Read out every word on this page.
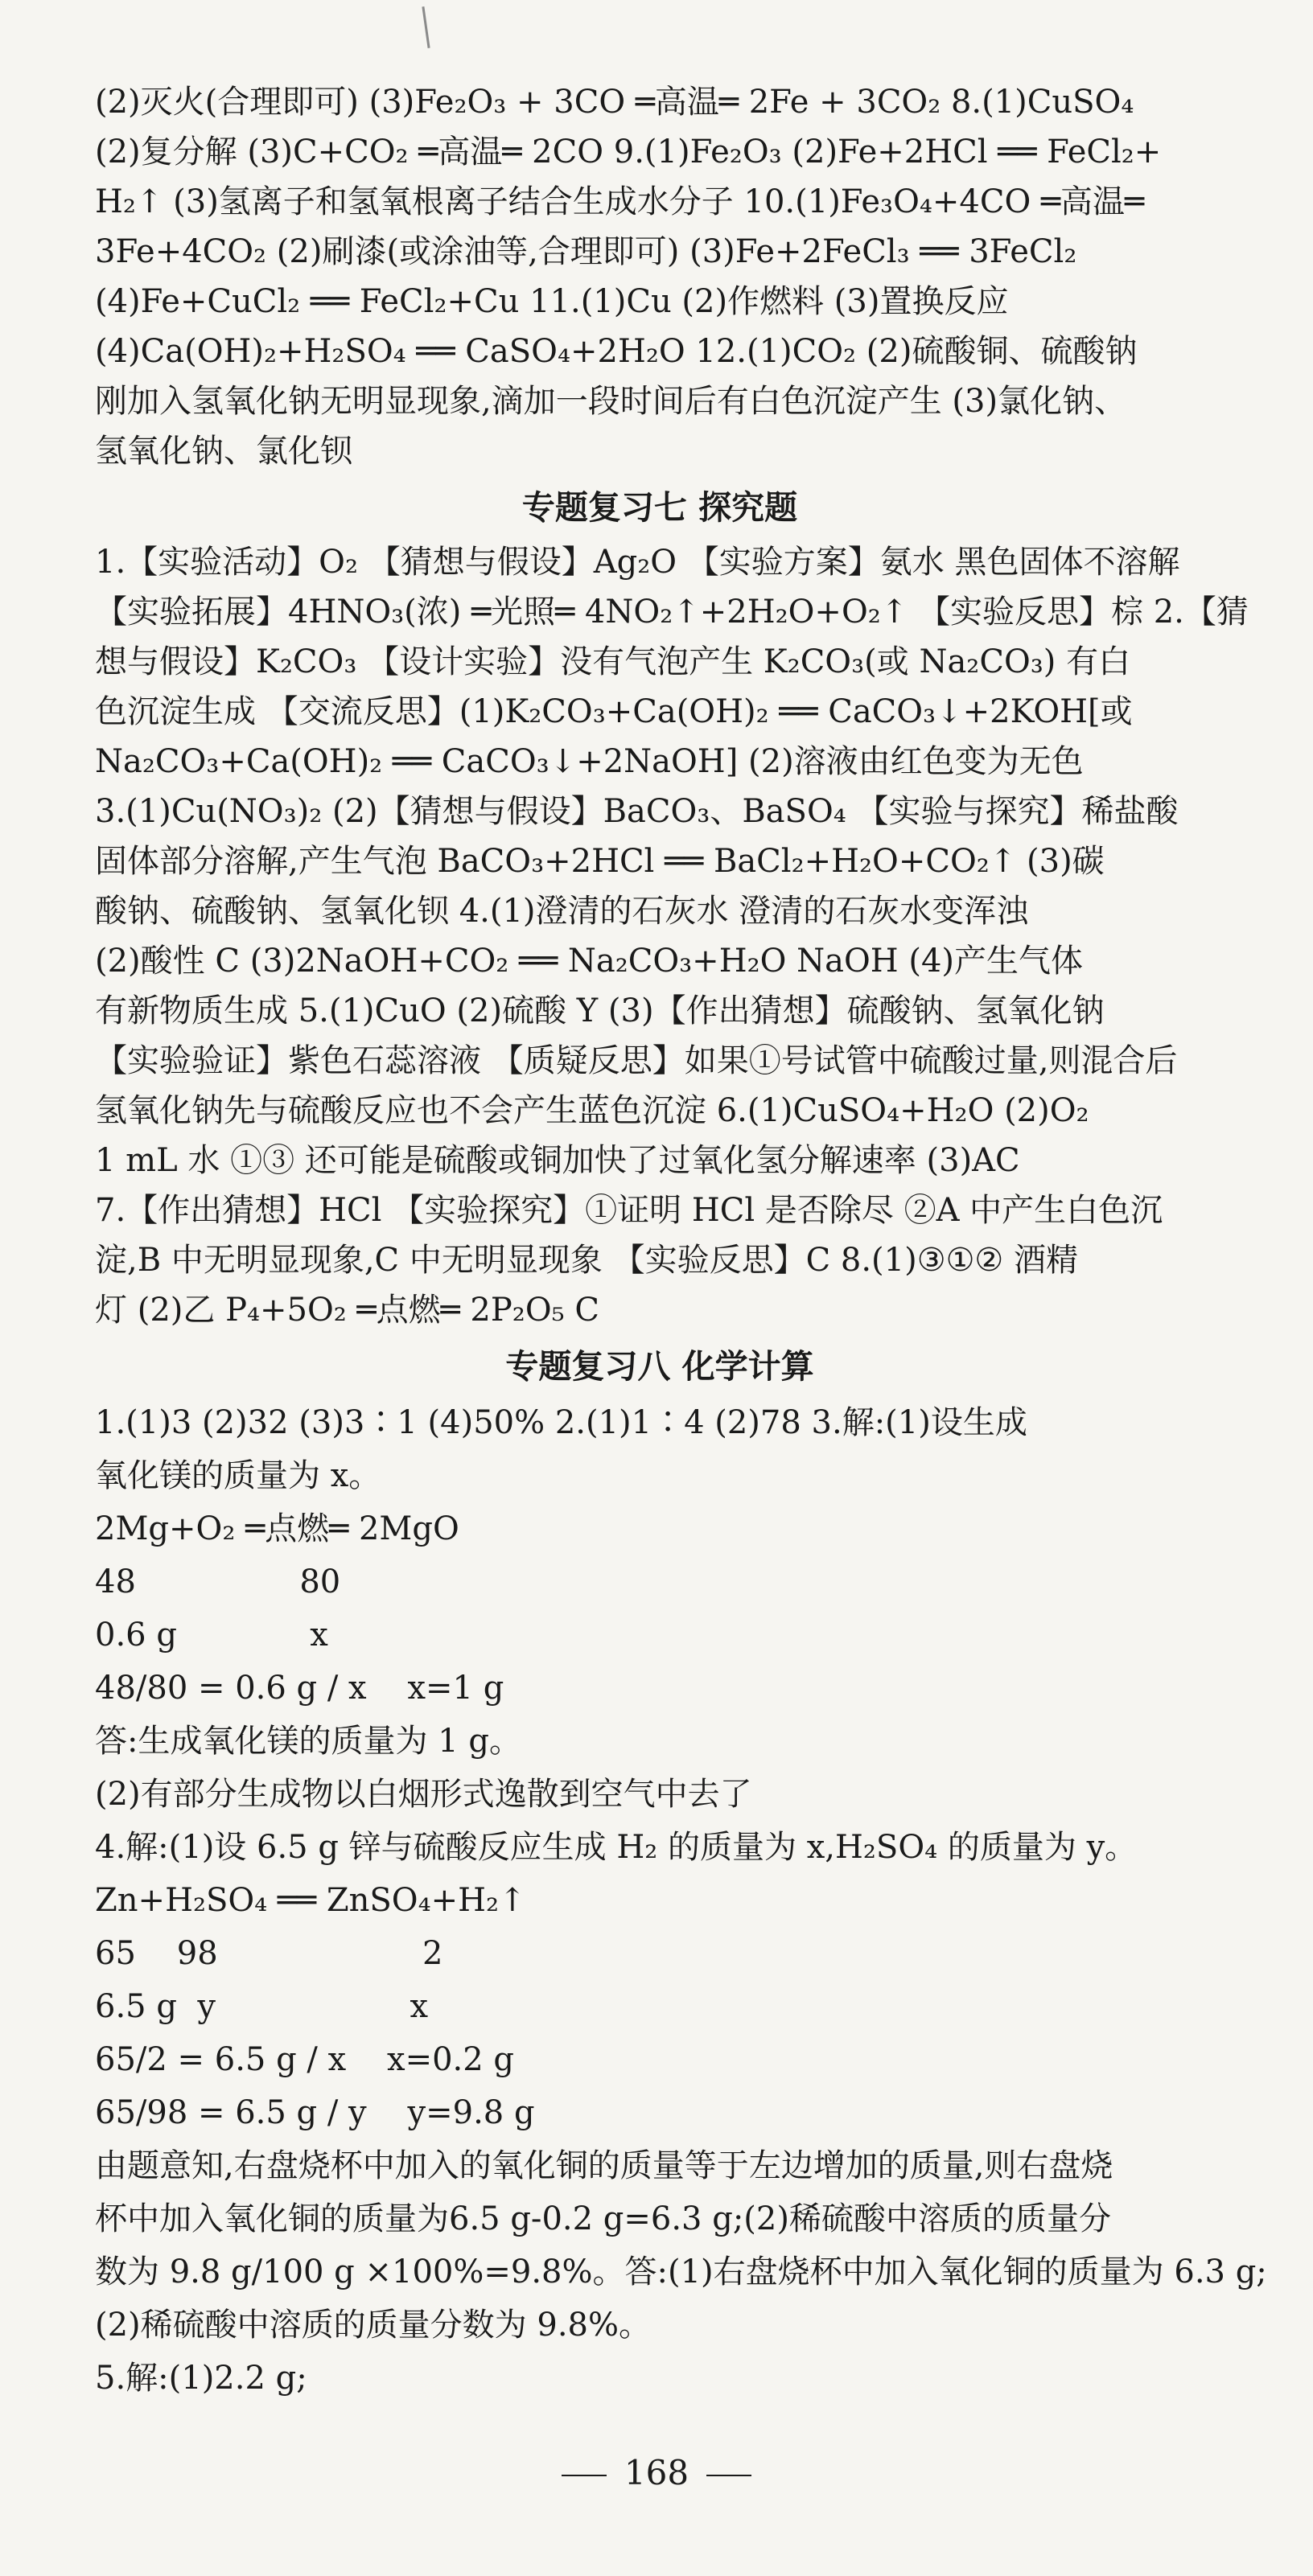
(2)灭火(合理即可) (3)Fe₂O₃ + 3CO ═高温═ 2Fe + 3CO₂ 8.(1)CuSO₄
(2)复分解 (3)C+CO₂ ═高温═ 2CO 9.(1)Fe₂O₃ (2)Fe+2HCl ══ FeCl₂+
H₂↑ (3)氢离子和氢氧根离子结合生成水分子 10.(1)Fe₃O₄+4CO ═高温═
3Fe+4CO₂ (2)刷漆(或涂油等,合理即可) (3)Fe+2FeCl₃ ══ 3FeCl₂
(4)Fe+CuCl₂ ══ FeCl₂+Cu 11.(1)Cu (2)作燃料 (3)置换反应
(4)Ca(OH)₂+H₂SO₄ ══ CaSO₄+2H₂O 12.(1)CO₂ (2)硫酸铜、硫酸钠
刚加入氢氧化钠无明显现象,滴加一段时间后有白色沉淀产生 (3)氯化钠、
氢氧化钠、氯化钡
专题复习七 探究题
1.【实验活动】O₂ 【猜想与假设】Ag₂O 【实验方案】氨水 黑色固体不溶解
【实验拓展】4HNO₃(浓) ═光照═ 4NO₂↑+2H₂O+O₂↑ 【实验反思】棕 2.【猜
想与假设】K₂CO₃ 【设计实验】没有气泡产生 K₂CO₃(或 Na₂CO₃) 有白
色沉淀生成 【交流反思】(1)K₂CO₃+Ca(OH)₂ ══ CaCO₃↓+2KOH[或
Na₂CO₃+Ca(OH)₂ ══ CaCO₃↓+2NaOH] (2)溶液由红色变为无色
3.(1)Cu(NO₃)₂ (2)【猜想与假设】BaCO₃、BaSO₄ 【实验与探究】稀盐酸
固体部分溶解,产生气泡 BaCO₃+2HCl ══ BaCl₂+H₂O+CO₂↑ (3)碳
酸钠、硫酸钠、氢氧化钡 4.(1)澄清的石灰水 澄清的石灰水变浑浊
(2)酸性 C (3)2NaOH+CO₂ ══ Na₂CO₃+H₂O NaOH (4)产生气体
有新物质生成 5.(1)CuO (2)硫酸 Y (3)【作出猜想】硫酸钠、氢氧化钠
【实验验证】紫色石蕊溶液 【质疑反思】如果①号试管中硫酸过量,则混合后
氢氧化钠先与硫酸反应也不会产生蓝色沉淀 6.(1)CuSO₄+H₂O (2)O₂
1 mL 水 ①③ 还可能是硫酸或铜加快了过氧化氢分解速率 (3)AC
7.【作出猜想】HCl 【实验探究】①证明 HCl 是否除尽 ②A 中产生白色沉
淀,B 中无明显现象,C 中无明显现象 【实验反思】C 8.(1)③①② 酒精
灯 (2)乙 P₄+5O₂ ═点燃═ 2P₂O₅ C
专题复习八 化学计算
1.(1)3 (2)32 (3)3∶1 (4)50% 2.(1)1∶4 (2)78 3.解:(1)设生成
氧化镁的质量为 x。
2Mg+O₂ ═点燃═ 2MgO
48                80
0.6 g             x
48/80 = 0.6 g / x    x=1 g
答:生成氧化镁的质量为 1 g。
(2)有部分生成物以白烟形式逸散到空气中去了
4.解:(1)设 6.5 g 锌与硫酸反应生成 H₂ 的质量为 x,H₂SO₄ 的质量为 y。
Zn+H₂SO₄ ══ ZnSO₄+H₂↑
65    98                    2
6.5 g  y                   x
65/2 = 6.5 g / x    x=0.2 g
65/98 = 6.5 g / y    y=9.8 g
由题意知,右盘烧杯中加入的氧化铜的质量等于左边增加的质量,则右盘烧
杯中加入氧化铜的质量为6.5 g-0.2 g=6.3 g;(2)稀硫酸中溶质的质量分
数为 9.8 g/100 g ×100%=9.8%。答:(1)右盘烧杯中加入氧化铜的质量为 6.3 g;
(2)稀硫酸中溶质的质量分数为 9.8%。
5.解:(1)2.2 g;
168
